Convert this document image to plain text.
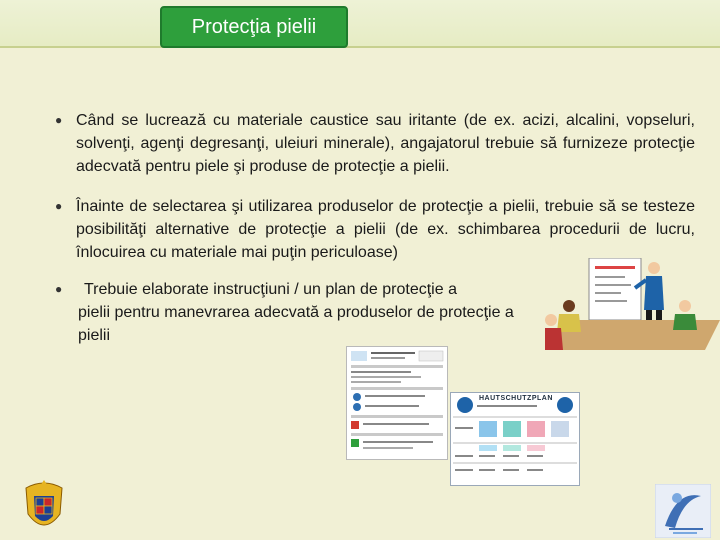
Protecţia pielii
● Când se lucrează cu materiale caustice sau iritante (de ex. acizi, alcalini, vopseluri, solvenţi, agenţi degresanţi, uleiuri minerale), angajatorul trebuie să furnizeze protecţie adecvată pentru piele şi produse de protecţie a pielii.
● Înainte de selectarea şi utilizarea produselor de protecţie a pielii, trebuie să se testeze posibilităţi alternative de protecţie a pielii (de ex. schimbarea procedurii de lucru, înlocuirea cu materiale mai puţin periculoase)
●	Trebuie elaborate instrucţiuni / un plan de protecţie a
pielii pentru manevrarea adecvată a produselor de protecţie a pielii
HAUTSCHUTZPLAN
